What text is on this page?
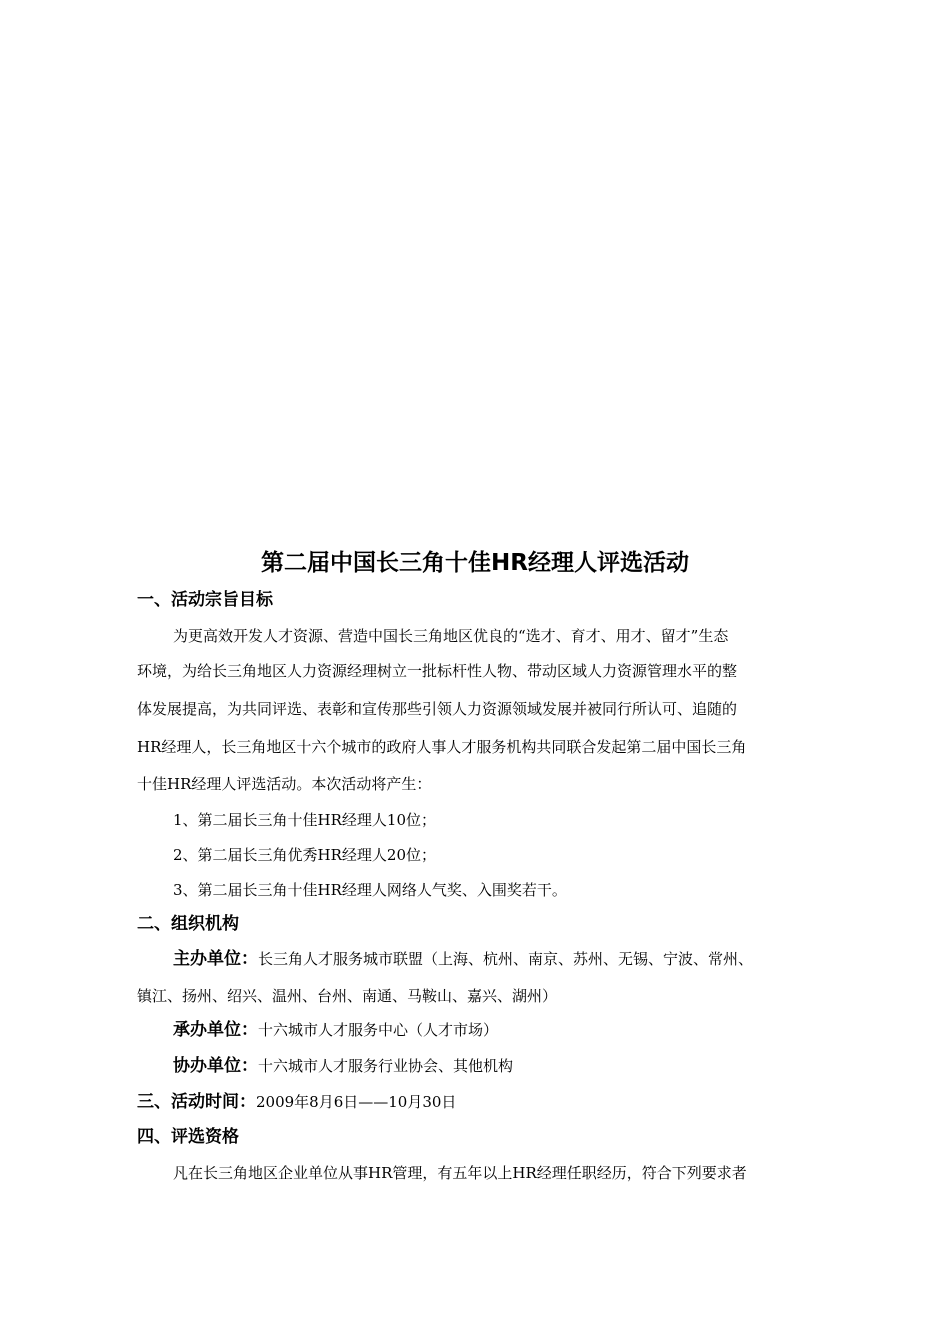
第二届中国长三角十佳HR经理人评选活动
一、活动宗旨目标
为更高效开发人才资源、营造中国长三角地区优良的“选才、育才、用才、留才”生态
环境，为给长三角地区人力资源经理树立一批标杆性人物、带动区域人力资源管理水平的整
体发展提高，为共同评选、表彰和宣传那些引领人力资源领域发展并被同行所认可、追随的
HR经理人，长三角地区十六个城市的政府人事人才服务机构共同联合发起第二届中国长三角
十佳HR经理人评选活动。本次活动将产生：
1、第二届长三角十佳HR经理人10位；
2、第二届长三角优秀HR经理人20位；
3、第二届长三角十佳HR经理人网络人气奖、入围奖若干。
二、组织机构
主办单位：长三角人才服务城市联盟（上海、杭州、南京、苏州、无锡、宁波、常州、
镇江、扬州、绍兴、温州、台州、南通、马鞍山、嘉兴、湖州）
承办单位：十六城市人才服务中心（人才市场）
协办单位：十六城市人才服务行业协会、其他机构
三、活动时间：2009年8月6日——10月30日
四、评选资格
凡在长三角地区企业单位从事HR管理，有五年以上HR经理任职经历，符合下列要求者
